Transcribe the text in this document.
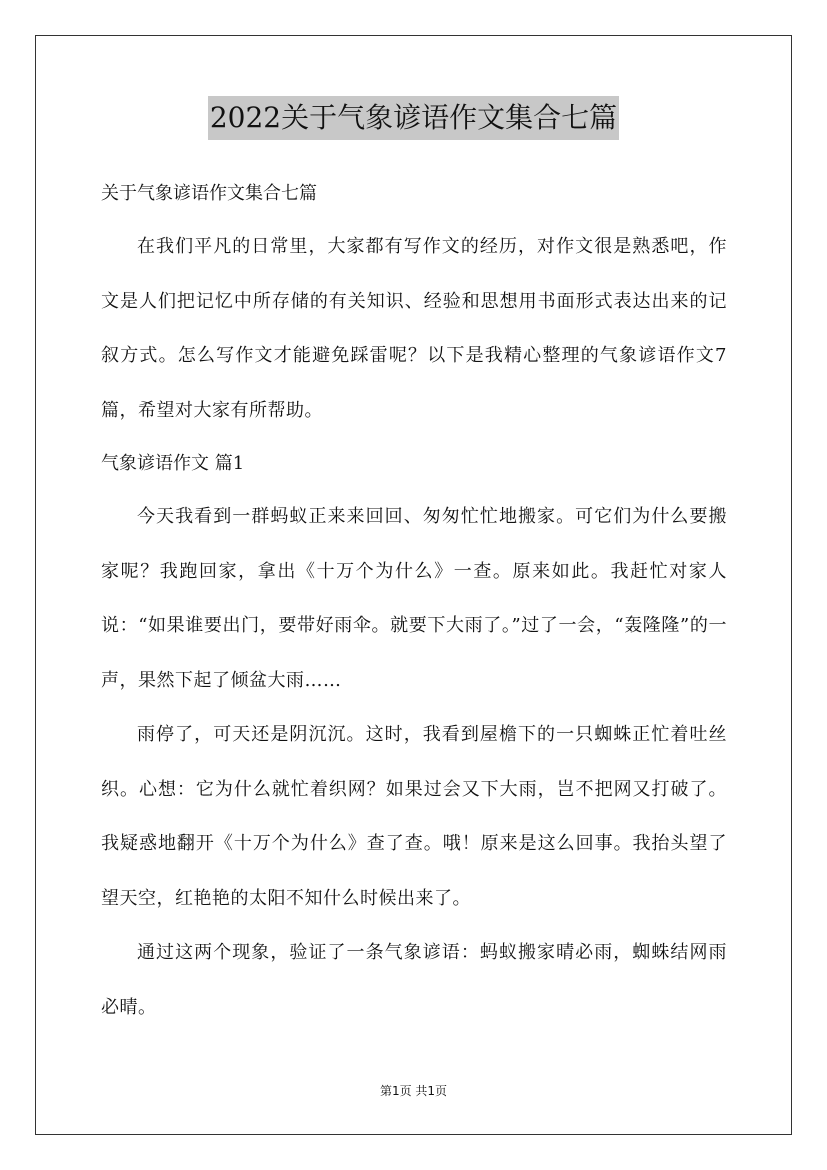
2022关于气象谚语作文集合七篇

关于气象谚语作文集合七篇

在我们平凡的日常里，大家都有写作文的经历，对作文很是熟悉吧，作文是人们把记忆中所存储的有关知识、经验和思想用书面形式表达出来的记叙方式。怎么写作文才能避免踩雷呢？以下是我精心整理的气象谚语作文7篇，希望对大家有所帮助。

气象谚语作文 篇1

今天我看到一群蚂蚁正来来回回、匆匆忙忙地搬家。可它们为什么要搬家呢？我跑回家，拿出《十万个为什么》一查。原来如此。我赶忙对家人说：“如果谁要出门，要带好雨伞。就要下大雨了。”过了一会，“轰隆隆”的一声，果然下起了倾盆大雨……

雨停了，可天还是阴沉沉。这时，我看到屋檐下的一只蜘蛛正忙着吐丝织。心想：它为什么就忙着织网？如果过会又下大雨，岂不把网又打破了。我疑惑地翻开《十万个为什么》查了查。哦！原来是这么回事。我抬头望了望天空，红艳艳的太阳不知什么时候出来了。

通过这两个现象，验证了一条气象谚语：蚂蚁搬家晴必雨，蜘蛛结网雨必晴。

第1页 共1页
